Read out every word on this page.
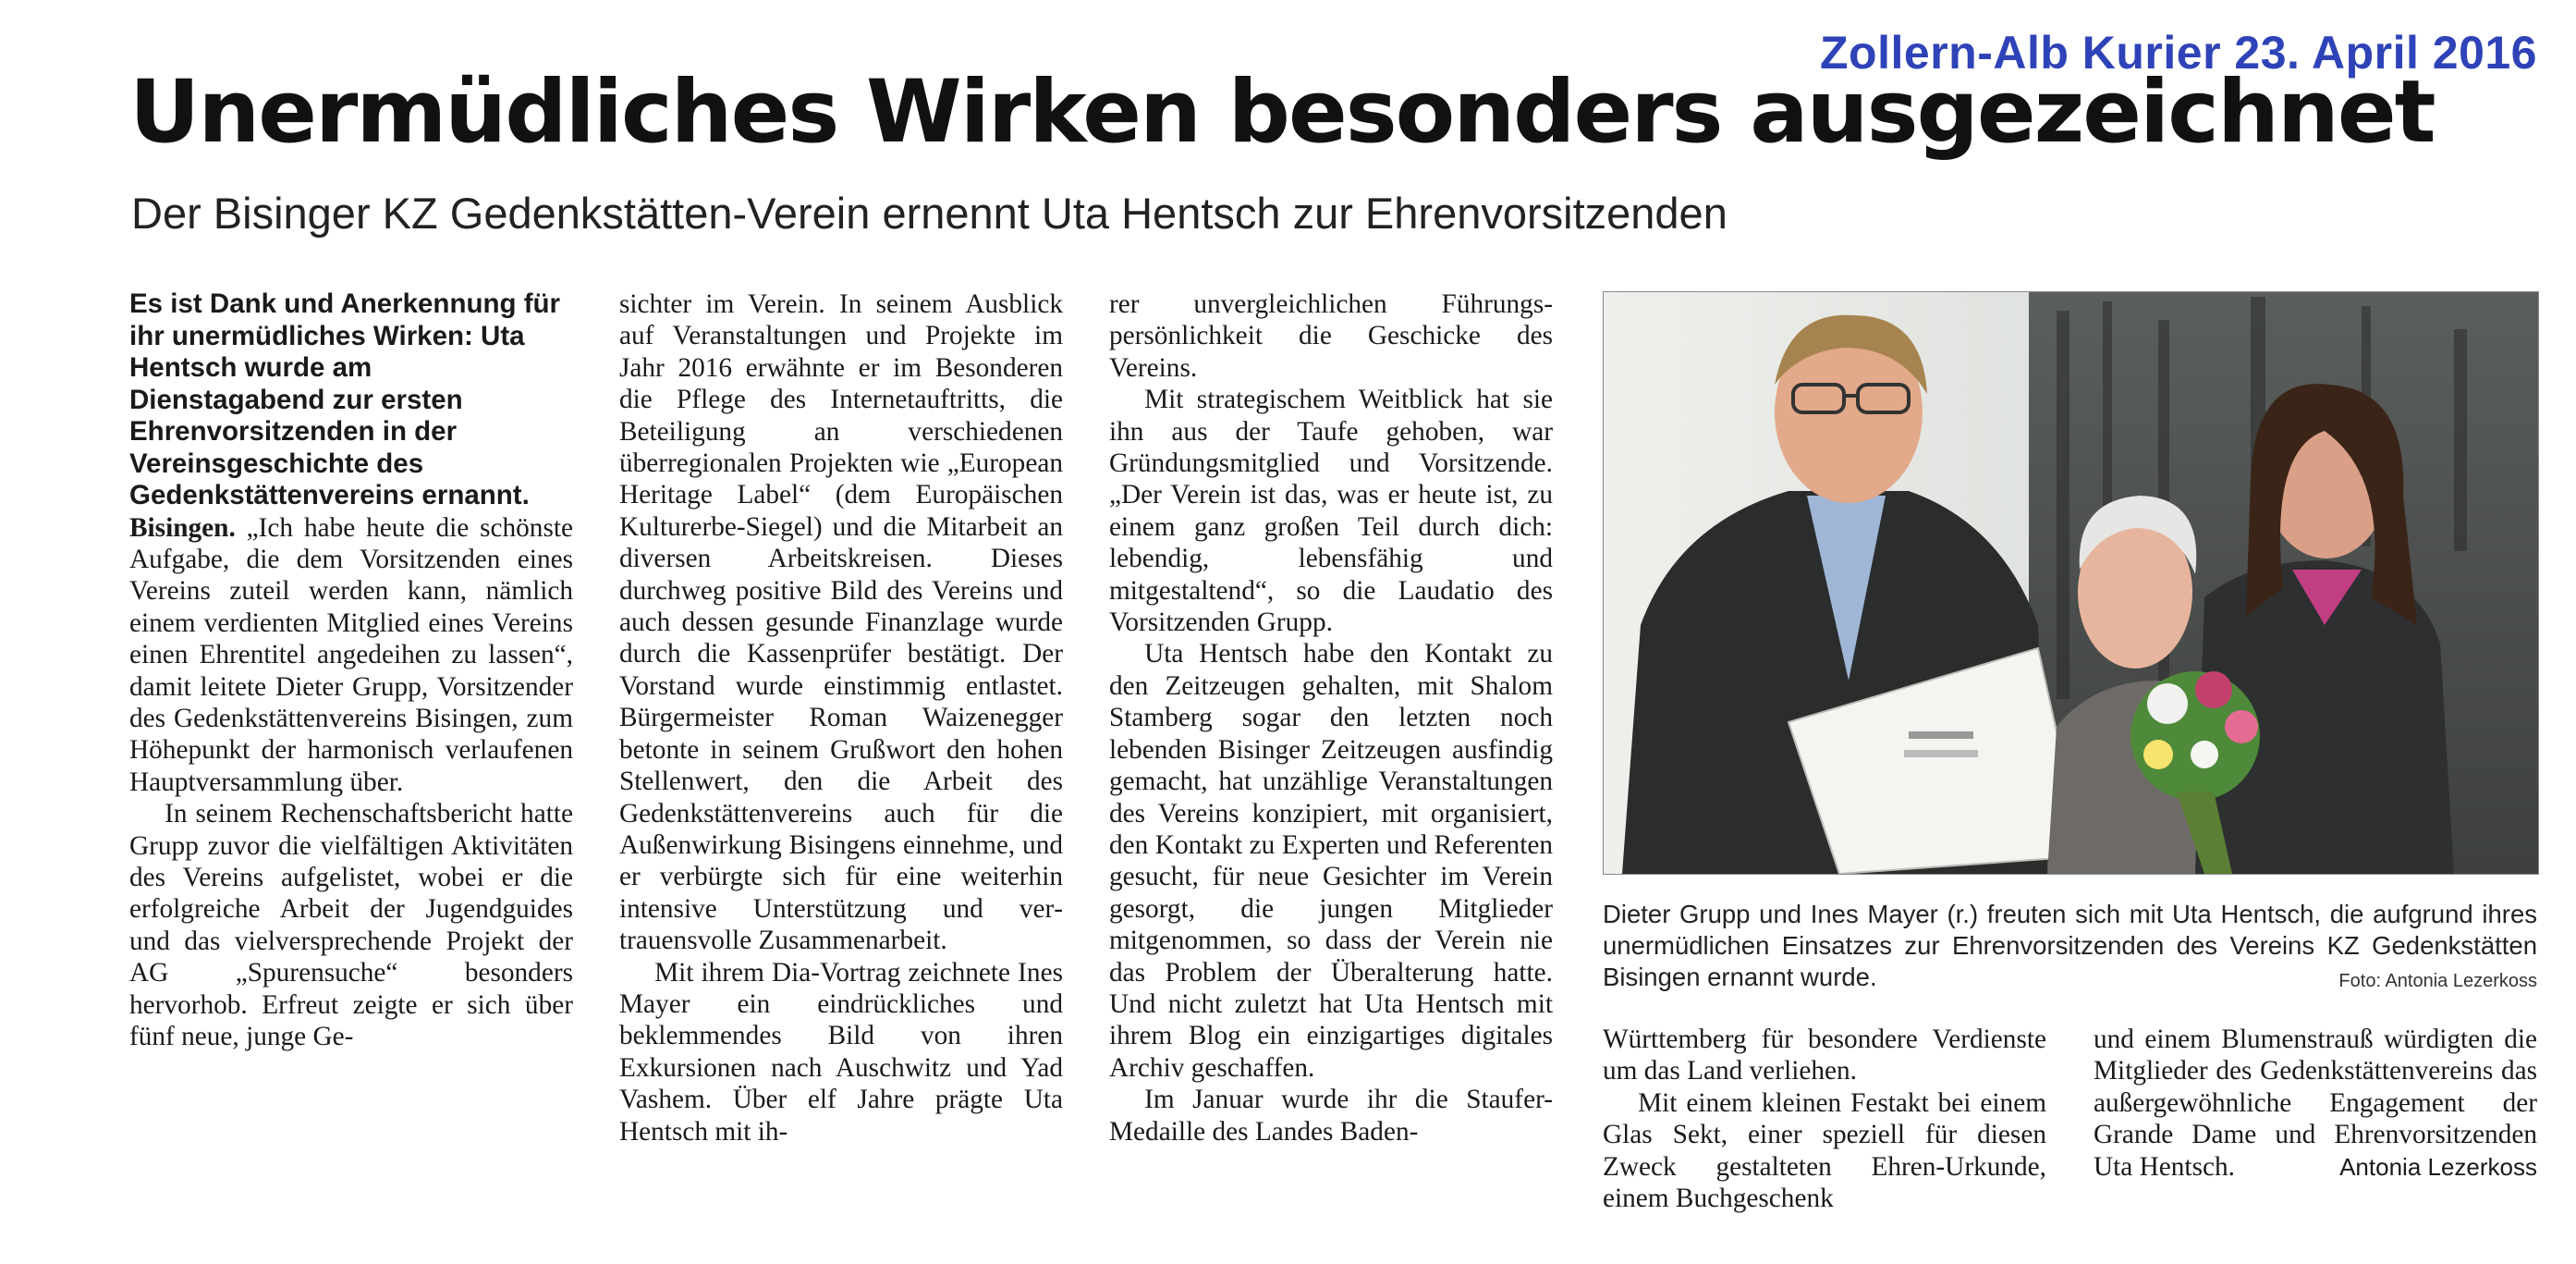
Zollern-Alb Kurier 23. April 2016
Unermüdliches Wirken besonders ausgezeichnet
Der Bisinger KZ Gedenkstätten-Verein ernennt Uta Hentsch zur Ehrenvorsitzenden

Es ist Dank und Anerkennung für ihr unermüdliches Wirken: Uta Hentsch wurde am Dienstagabend zur ersten Ehrenvorsitzenden in der Vereinsgeschichte des Gedenkstättenvereins ernannt.

Bisingen. „Ich habe heute die schönste Aufgabe, die dem Vorsitzenden eines Vereins zuteil werden kann, nämlich einem verdienten Mitglied eines Vereins einen Ehrentitel angedeihen zu lassen“, damit leitete Dieter Grupp, Vorsitzender des Gedenkstättenvereins Bisingen, zum Höhepunkt der harmonisch verlaufenen Hauptversammlung über.

In seinem Rechenschaftsbericht hatte Grupp zuvor die vielfältigen Aktivitäten des Vereins aufgelistet, wobei er die erfolgreiche Arbeit der Jugendguides und das vielversprechende Projekt der AG „Spurensuche“ besonders hervorhob. Erfreut zeigte er sich über fünf neue, junge Ge-

sichter im Verein. In seinem Ausblick auf Veranstaltungen und Projekte im Jahr 2016 erwähnte er im Besonderen die Pflege des Internetauftritts, die Beteiligung an verschiedenen überregionalen Projekten wie „European Heritage Label“ (dem Europäischen Kulturerbe-Siegel) und die Mitarbeit an diversen Arbeitskreisen. Dieses durchweg positive Bild des Vereins und auch dessen gesunde Finanzlage wurde durch die Kassenprüfer bestätigt. Der Vorstand wurde einstimmig entlastet. Bürgermeister Roman Waizenegger betonte in seinem Grußwort den hohen Stellenwert, den die Arbeit des Gedenkstättenvereins auch für die Außenwirkung Bisingens einnehme, und er verbürgte sich für eine weiterhin intensive Unterstützung und vertrauensvolle Zusammenarbeit.

Mit ihrem Dia-Vortrag zeichnete Ines Mayer ein eindrückliches und beklemmendes Bild von ihren Exkursionen nach Auschwitz und Yad Vashem. Über elf Jahre prägte Uta Hentsch mit ih-

rer unvergleichlichen Führungspersönlichkeit die Geschicke des Vereins.

Mit strategischem Weitblick hat sie ihn aus der Taufe gehoben, war Gründungsmitglied und Vorsitzende. „Der Verein ist das, was er heute ist, zu einem ganz großen Teil durch dich: lebendig, lebensfähig und mitgestaltend“, so die Laudatio des Vorsitzenden Grupp.

Uta Hentsch habe den Kontakt zu den Zeitzeugen gehalten, mit Shalom Stamberg sogar den letzten noch lebenden Bisinger Zeitzeugen ausfindig gemacht, hat unzählige Veranstaltungen des Vereins konzipiert, mit organisiert, den Kontakt zu Experten und Referenten gesucht, für neue Gesichter im Verein gesorgt, die jungen Mitglieder mitgenommen, so dass der Verein nie das Problem der Überalterung hatte. Und nicht zuletzt hat Uta Hentsch mit ihrem Blog ein einzigartiges digitales Archiv geschaffen.

Im Januar wurde ihr die Staufer-Medaille des Landes Baden-

Dieter Grupp und Ines Mayer (r.) freuten sich mit Uta Hentsch, die aufgrund ihres unermüdlichen Einsatzes zur Ehrenvorsitzenden des Vereins KZ Gedenkstätten Bisingen ernannt wurde.	Foto: Antonia Lezerkoss

Württemberg für besondere Verdienste um das Land verliehen.

Mit einem kleinen Festakt bei einem Glas Sekt, einer speziell für diesen Zweck gestalteten Ehren-Urkunde, einem Buchgeschenk

und einem Blumenstrauß würdigten die Mitglieder des Gedenkstättenvereins das außergewöhnliche Engagement der Grande Dame und Ehrenvorsitzenden Uta Hentsch.	Antonia Lezerkoss
